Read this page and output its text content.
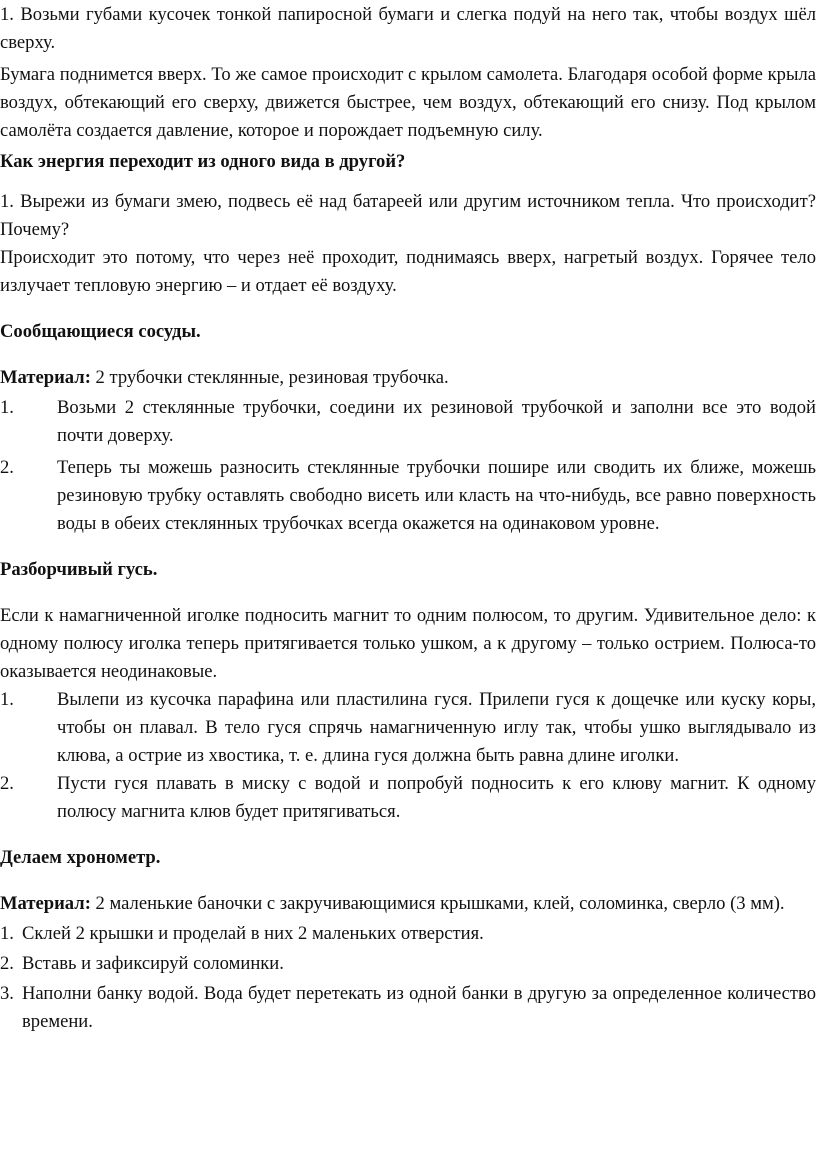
1. Возьми губами кусочек тонкой папиросной бумаги и слегка подуй на него так, чтобы воздух шёл сверху.

Бумага поднимется вверх. То же самое происходит с крылом самолета. Благодаря особой форме крыла воздух, обтекающий его сверху, движется быстрее, чем воздух, обтекающий его снизу. Под крылом самолёта создается давление, которое и порождает подъемную силу.

Как энергия переходит из одного вида в другой?

1. Вырежи из бумаги змею, подвесь её над батареей или другим источником тепла. Что происходит? Почему?

Происходит это потому, что через неё проходит, поднимаясь вверх, нагретый воздух. Горячее тело излучает тепловую энергию – и отдает её воздуху.

Сообщающиеся сосуды.

Материал: 2 трубочки стеклянные, резиновая трубочка.

1.	Возьми 2 стеклянные трубочки, соедини их резиновой трубочкой и заполни все это водой почти доверху.
2.	Теперь ты можешь разносить стеклянные трубочки пошире или сводить их ближе, можешь резиновую трубку оставлять свободно висеть или класть на что-нибудь, все равно поверхность воды в обеих стеклянных трубочках всегда окажется на одинаковом уровне.

Разборчивый гусь.

Если к намагниченной иголке подносить магнит то одним полюсом, то другим. Удивительное дело: к одному полюсу иголка теперь притягивается только ушком, а к другому – только острием. Полюса-то оказывается неодинаковые.

1.	Вылепи из кусочка парафина или пластилина гуся. Прилепи гуся к дощечке или куску коры, чтобы он плавал. В тело гуся спрячь намагниченную иглу так, чтобы ушко выглядывало из клюва, а острие из хвостика, т. е. длина гуся должна быть равна длине иголки.
2.	Пусти гуся плавать в миску с водой и попробуй подносить к его клюву магнит. К одному полюсу магнита клюв будет притягиваться.

Делаем хронометр.

Материал: 2 маленькие баночки с закручивающимися крышками, клей, соломинка, сверло (3 мм).

1. Склей 2 крышки и проделай в них 2 маленьких отверстия.
2. Вставь и зафиксируй соломинки.
3. Наполни банку водой. Вода будет перетекать из одной банки в другую за определенное количество времени.
